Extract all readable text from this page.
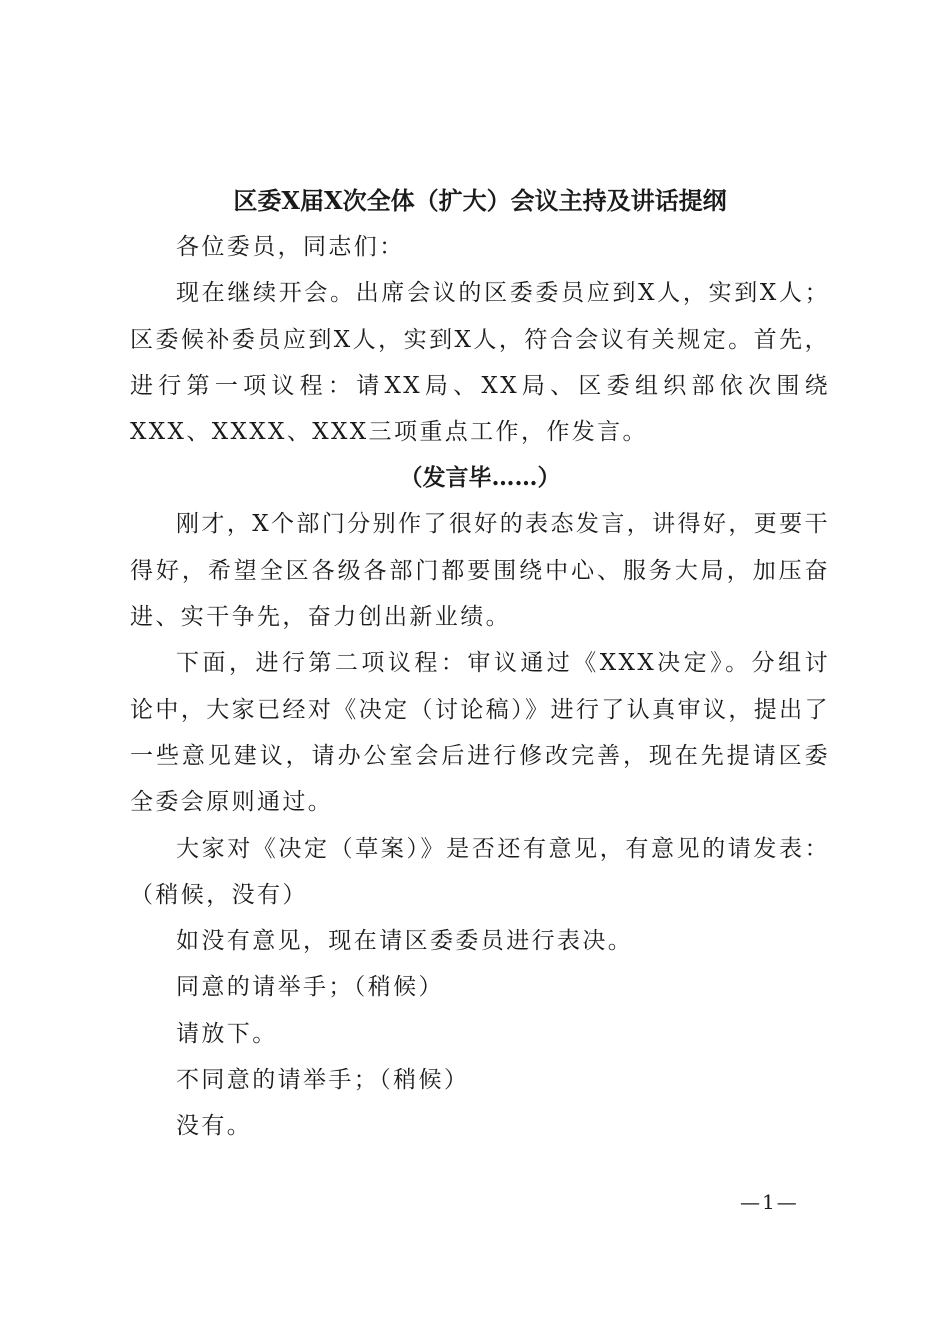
区委X届X次全体（扩大）会议主持及讲话提纲

各位委员，同志们：

现在继续开会。出席会议的区委委员应到X人，实到X人；区委候补委员应到X人，实到X人，符合会议有关规定。首先，进行第一项议程：请XX局、XX局、区委组织部依次围绕XXX、XXXX、XXX三项重点工作，作发言。

（发言毕……）

刚才，X个部门分别作了很好的表态发言，讲得好，更要干得好，希望全区各级各部门都要围绕中心、服务大局，加压奋进、实干争先，奋力创出新业绩。

下面，进行第二项议程：审议通过《XXX决定》。分组讨论中，大家已经对《决定（讨论稿）》进行了认真审议，提出了一些意见建议，请办公室会后进行修改完善，现在先提请区委全委会原则通过。

大家对《决定（草案）》是否还有意见，有意见的请发表：（稍候，没有）

如没有意见，现在请区委委员进行表决。

同意的请举手；（稍候）

请放下。

不同意的请举手；（稍候）

没有。

—1—
